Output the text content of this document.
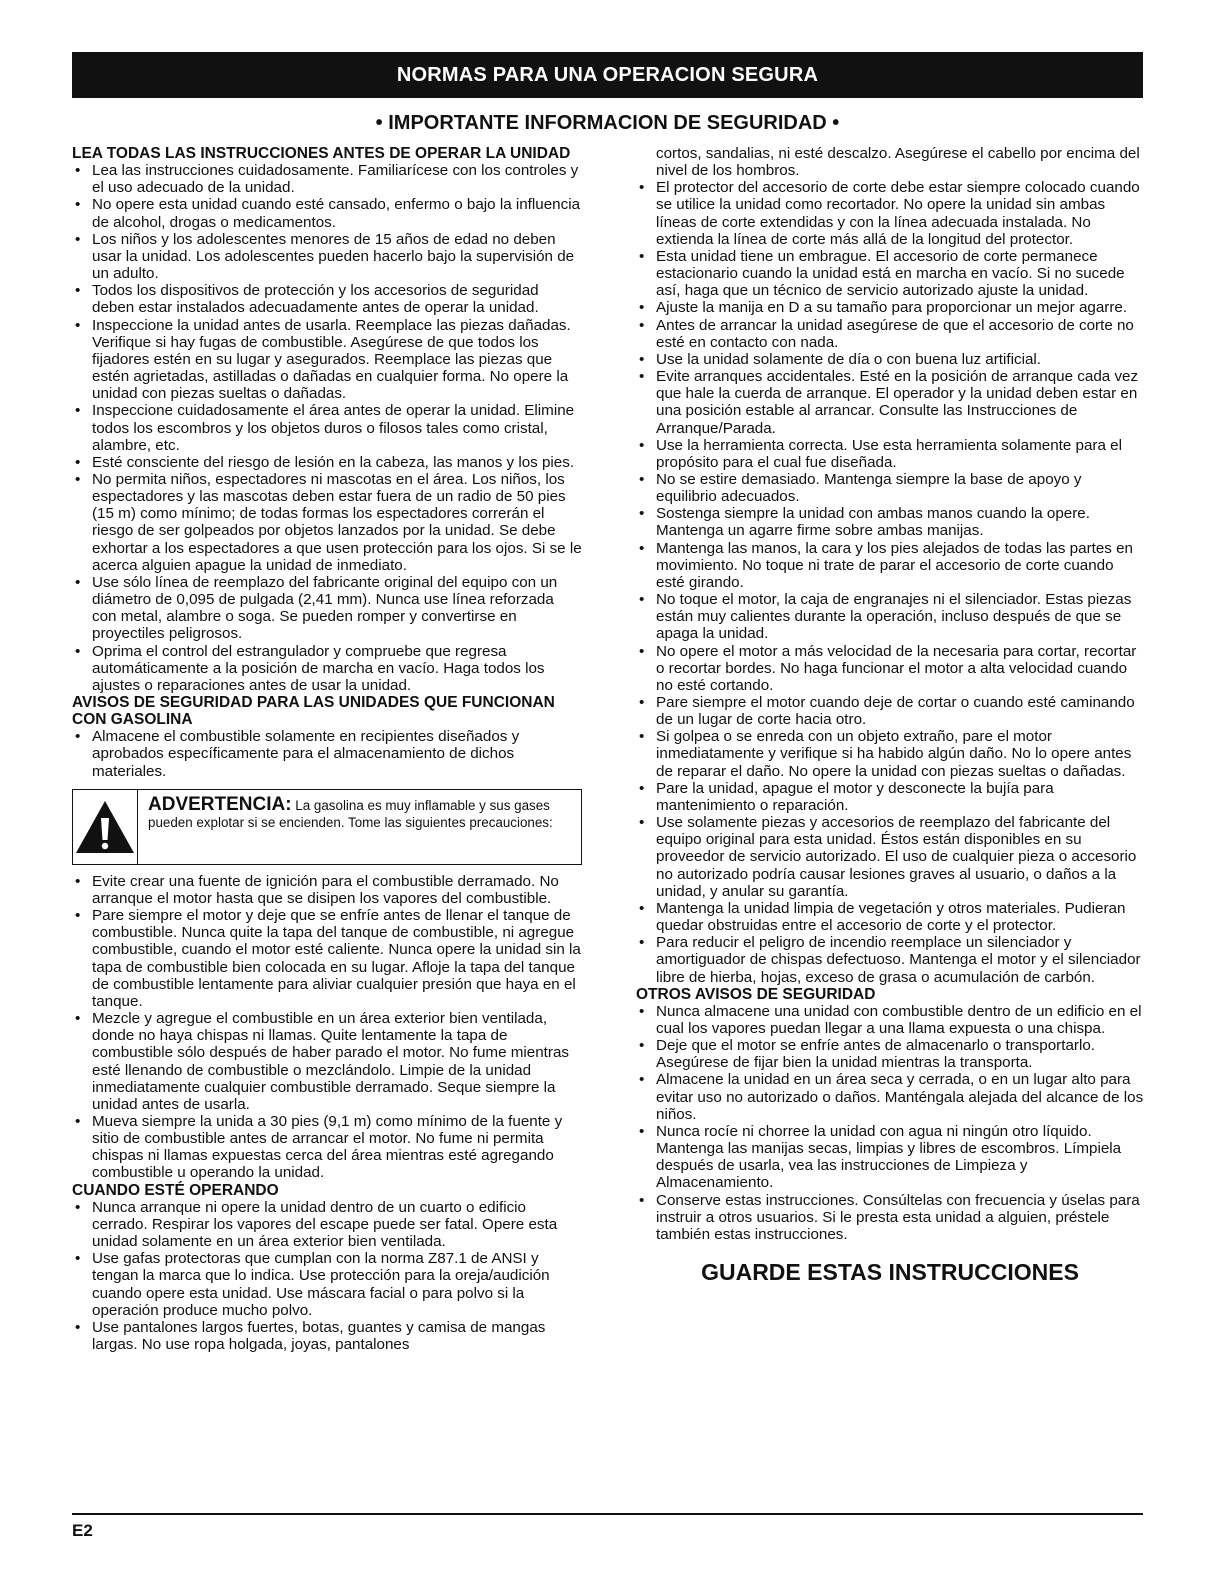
NORMAS PARA UNA OPERACION SEGURA
• IMPORTANTE INFORMACION DE SEGURIDAD •

LEA TODAS LAS INSTRUCCIONES ANTES DE OPERAR LA UNIDAD

• Lea las instrucciones cuidadosamente. Familiarícese con los controles y el uso adecuado de la unidad.
• No opere esta unidad cuando esté cansado, enfermo o bajo la influencia de alcohol, drogas o medicamentos.
• Los niños y los adolescentes menores de 15 años de edad no deben usar la unidad. Los adolescentes pueden hacerlo bajo la supervisión de un adulto.
• Todos los dispositivos de protección y los accesorios de seguridad deben estar instalados adecuadamente antes de operar la unidad.
• Inspeccione la unidad antes de usarla. Reemplace las piezas dañadas. Verifique si hay fugas de combustible. Asegúrese de que todos los fijadores estén en su lugar y asegurados. Reemplace las piezas que estén agrietadas, astilladas o dañadas en cualquier forma. No opere la unidad con piezas sueltas o dañadas.
• Inspeccione cuidadosamente el área antes de operar la unidad. Elimine todos los escombros y los objetos duros o filosos tales como cristal, alambre, etc.
• Esté consciente del riesgo de lesión en la cabeza, las manos y los pies.
• No permita niños, espectadores ni mascotas en el área. Los niños, los espectadores y las mascotas deben estar fuera de un radio de 50 pies (15 m) como mínimo; de todas formas los espectadores correrán el riesgo de ser golpeados por objetos lanzados por la unidad. Se debe exhortar a los espectadores a que usen protección para los ojos. Si se le acerca alguien apague la unidad de inmediato.
• Use sólo línea de reemplazo del fabricante original del equipo con un diámetro de 0,095 de pulgada (2,41 mm). Nunca use línea reforzada con metal, alambre o soga. Se pueden romper y convertirse en proyectiles peligrosos.
• Oprima el control del estrangulador y compruebe que regresa automáticamente a la posición de marcha en vacío. Haga todos los ajustes o reparaciones antes de usar la unidad.

AVISOS DE SEGURIDAD PARA LAS UNIDADES QUE FUNCIONAN CON GASOLINA

• Almacene el combustible solamente en recipientes diseñados y aprobados específicamente para el almacenamiento de dichos materiales.
ADVERTENCIA: La gasolina es muy inflamable y sus gases pueden explotar si se encienden. Tome las siguientes precauciones:
• Evite crear una fuente de ignición para el combustible derramado. No arranque el motor hasta que se disipen los vapores del combustible.
• Pare siempre el motor y deje que se enfríe antes de llenar el tanque de combustible. Nunca quite la tapa del tanque de combustible, ni agregue combustible, cuando el motor esté caliente. Nunca opere la unidad sin la tapa de combustible bien colocada en su lugar. Afloje la tapa del tanque de combustible lentamente para aliviar cualquier presión que haya en el tanque.
• Mezcle y agregue el combustible en un área exterior bien ventilada, donde no haya chispas ni llamas. Quite lentamente la tapa de combustible sólo después de haber parado el motor. No fume mientras esté llenando de combustible o mezclándolo. Limpie de la unidad inmediatamente cualquier combustible derramado. Seque siempre la unidad antes de usarla.
• Mueva siempre la unida a 30 pies (9,1 m) como mínimo de la fuente y sitio de combustible antes de arrancar el motor. No fume ni permita chispas ni llamas expuestas cerca del área mientras esté agregando combustible u operando la unidad.

CUANDO ESTÉ OPERANDO

• Nunca arranque ni opere la unidad dentro de un cuarto o edificio cerrado. Respirar los vapores del escape puede ser fatal. Opere esta unidad solamente en un área exterior bien ventilada.
• Use gafas protectoras que cumplan con la norma Z87.1 de ANSI y tengan la marca que lo indica. Use protección para la oreja/audición cuando opere esta unidad. Use máscara facial o para polvo si la operación produce mucho polvo.
• Use pantalones largos fuertes, botas, guantes y camisa de mangas largas. No use ropa holgada, joyas, pantalones

cortos, sandalias, ni esté descalzo. Asegúrese el cabello por encima del nivel de los hombros.

• El protector del accesorio de corte debe estar siempre colocado cuando se utilice la unidad como recortador. No opere la unidad sin ambas líneas de corte extendidas y con la línea adecuada instalada. No extienda la línea de corte más allá de la longitud del protector.
• Esta unidad tiene un embrague. El accesorio de corte permanece estacionario cuando la unidad está en marcha en vacío. Si no sucede así, haga que un técnico de servicio autorizado ajuste la unidad.
• Ajuste la manija en D a su tamaño para proporcionar un mejor agarre.
• Antes de arrancar la unidad asegúrese de que el accesorio de corte no esté en contacto con nada.
• Use la unidad solamente de día o con buena luz artificial.
• Evite arranques accidentales. Esté en la posición de arranque cada vez que hale la cuerda de arranque. El operador y la unidad deben estar en una posición estable al arrancar. Consulte las Instrucciones de Arranque/Parada.
• Use la herramienta correcta. Use esta herramienta solamente para el propósito para el cual fue diseñada.
• No se estire demasiado. Mantenga siempre la base de apoyo y equilibrio adecuados.
• Sostenga siempre la unidad con ambas manos cuando la opere. Mantenga un agarre firme sobre ambas manijas.
• Mantenga las manos, la cara y los pies alejados de todas las partes en movimiento. No toque ni trate de parar el accesorio de corte cuando esté girando.
• No toque el motor, la caja de engranajes ni el silenciador. Estas piezas están muy calientes durante la operación, incluso después de que se apaga la unidad.
• No opere el motor a más velocidad de la necesaria para cortar, recortar o recortar bordes. No haga funcionar el motor a alta velocidad cuando no esté cortando.
• Pare siempre el motor cuando deje de cortar o cuando esté caminando de un lugar de corte hacia otro.
• Si golpea o se enreda con un objeto extraño, pare el motor inmediatamente y verifique si ha habido algún daño. No lo opere antes de reparar el daño. No opere la unidad con piezas sueltas o dañadas.
• Pare la unidad, apague el motor y desconecte la bujía para mantenimiento o reparación.
• Use solamente piezas y accesorios de reemplazo del fabricante del equipo original para esta unidad. Éstos están disponibles en su proveedor de servicio autorizado. El uso de cualquier pieza o accesorio no autorizado podría causar lesiones graves al usuario, o daños a la unidad, y anular su garantía.
• Mantenga la unidad limpia de vegetación y otros materiales. Pudieran quedar obstruidas entre el accesorio de corte y el protector.
• Para reducir el peligro de incendio reemplace un silenciador y amortiguador de chispas defectuoso. Mantenga el motor y el silenciador libre de hierba, hojas, exceso de grasa o acumulación de carbón.

OTROS AVISOS DE SEGURIDAD

• Nunca almacene una unidad con combustible dentro de un edificio en el cual los vapores puedan llegar a una llama expuesta o una chispa.
• Deje que el motor se enfríe antes de almacenarlo o transportarlo. Asegúrese de fijar bien la unidad mientras la transporta.
• Almacene la unidad en un área seca y cerrada, o en un lugar alto para evitar uso no autorizado o daños. Manténgala alejada del alcance de los niños.
• Nunca rocíe ni chorree la unidad con agua ni ningún otro líquido. Mantenga las manijas secas, limpias y libres de escombros. Límpiela después de usarla, vea las instrucciones de Limpieza y Almacenamiento.
• Conserve estas instrucciones. Consúltelas con frecuencia y úselas para instruir a otros usuarios. Si le presta esta unidad a alguien, préstele también estas instrucciones.
GUARDE ESTAS INSTRUCCIONES
E2
